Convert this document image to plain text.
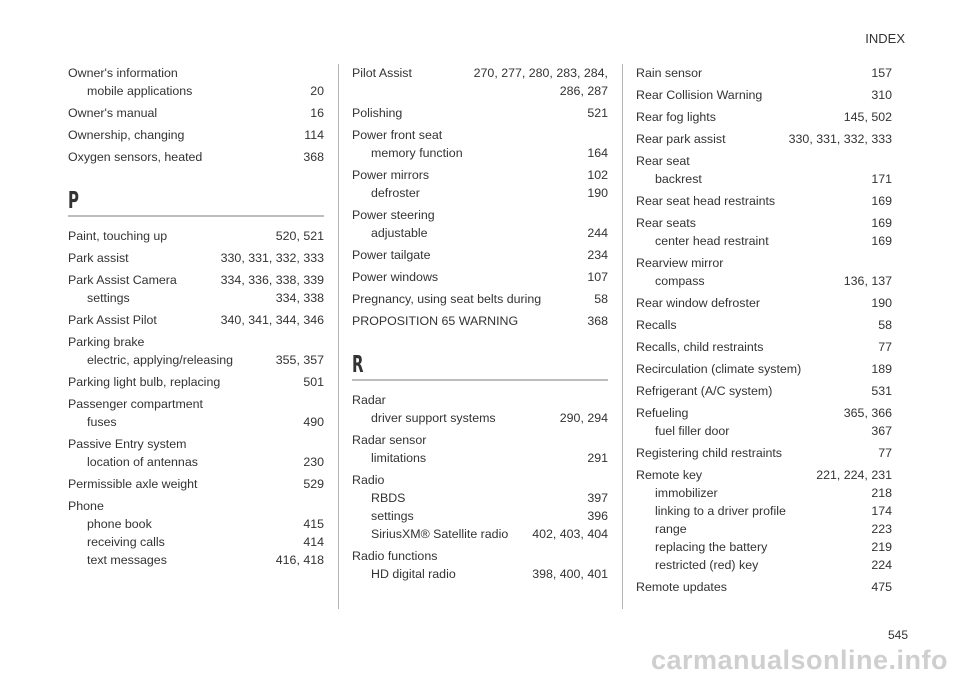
INDEX
Owner's information
mobile applications	20
Owner's manual	16
Ownership, changing	114
Oxygen sensors, heated	368
P
Paint, touching up	520, 521
Park assist	330, 331, 332, 333
Park Assist Camera	334, 336, 338, 339
settings	334, 338
Park Assist Pilot	340, 341, 344, 346
Parking brake
electric, applying/releasing	355, 357
Parking light bulb, replacing	501
Passenger compartment
fuses	490
Passive Entry system
location of antennas	230
Permissible axle weight	529
Phone
phone book	415
receiving calls	414
text messages	416, 418
Pilot Assist	270, 277, 280, 283, 284, 286, 287
Polishing	521
Power front seat
memory function	164
Power mirrors	102
defroster	190
Power steering
adjustable	244
Power tailgate	234
Power windows	107
Pregnancy, using seat belts during	58
PROPOSITION 65 WARNING	368
R
Radar
driver support systems	290, 294
Radar sensor
limitations	291
Radio
RBDS	397
settings	396
SiriusXM® Satellite radio 402, 403, 404
Radio functions
HD digital radio	398, 400, 401
Rain sensor	157
Rear Collision Warning	310
Rear fog lights	145, 502
Rear park assist	330, 331, 332, 333
Rear seat
backrest	171
Rear seat head restraints	169
Rear seats	169
center head restraint	169
Rearview mirror
compass	136, 137
Rear window defroster	190
Recalls	58
Recalls, child restraints	77
Recirculation (climate system)	189
Refrigerant (A/C system)	531
Refueling	365, 366
fuel filler door	367
Registering child restraints	77
Remote key	221, 224, 231
immobilizer	218
linking to a driver profile	174
range	223
replacing the battery	219
restricted (red) key	224
Remote updates	475
545
carmanualsonline.info
